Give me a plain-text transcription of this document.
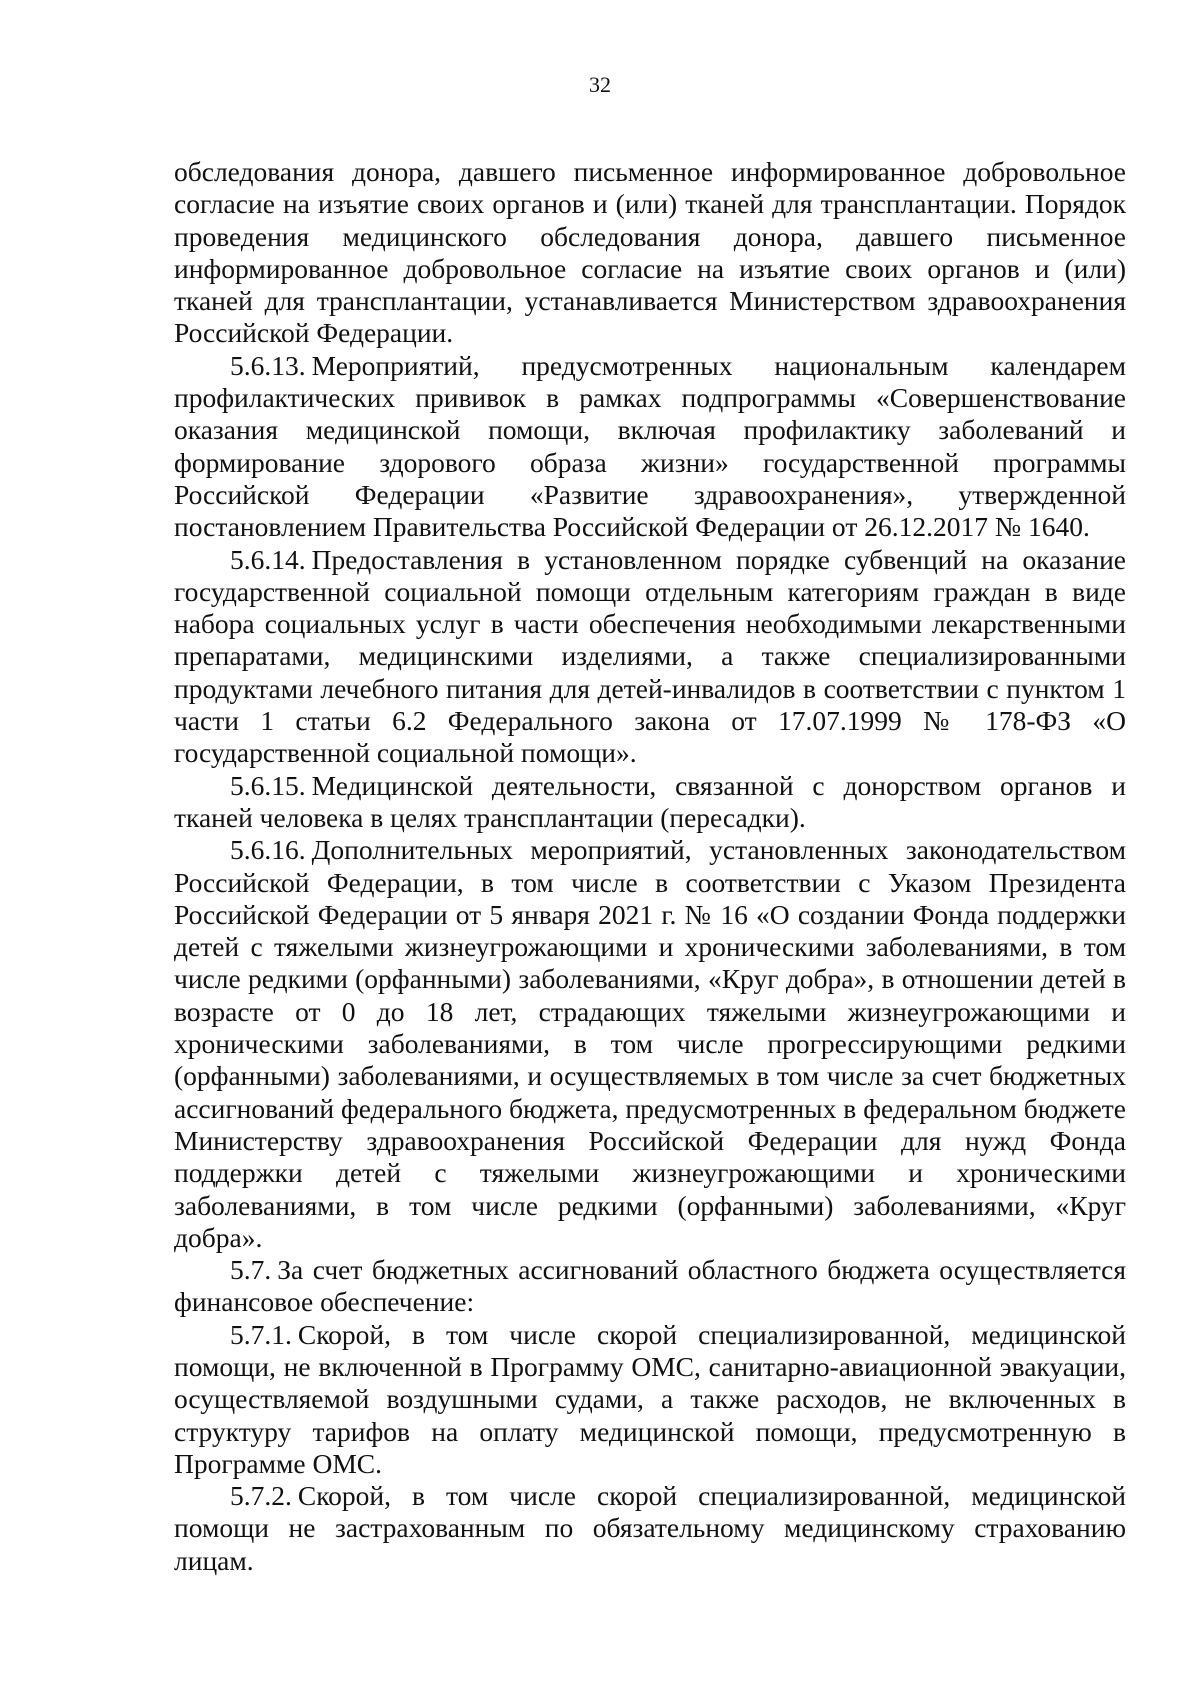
32

обследования донора, давшего письменное информированное добровольное согласие на изъятие своих органов и (или) тканей для трансплантации. Порядок проведения медицинского обследования донора, давшего письменное информированное добровольное согласие на изъятие своих органов и (или) тканей для трансплантации, устанавливается Министерством здравоохранения Российской Федерации.

5.6.13. Мероприятий, предусмотренных национальным календарем профилактических прививок в рамках подпрограммы «Совершенствование оказания медицинской помощи, включая профилактику заболеваний и формирование здорового образа жизни» государственной программы Российской Федерации «Развитие здравоохранения», утвержденной постановлением Правительства Российской Федерации от 26.12.2017 № 1640.

5.6.14. Предоставления в установленном порядке субвенций на оказание государственной социальной помощи отдельным категориям граждан в виде набора социальных услуг в части обеспечения необходимыми лекарственными препаратами, медицинскими изделиями, а также специализированными продуктами лечебного питания для детей-инвалидов в соответствии с пунктом 1 части 1 статьи 6.2 Федерального закона от 17.07.1999 № 178-ФЗ «О государственной социальной помощи».

5.6.15. Медицинской деятельности, связанной с донорством органов и тканей человека в целях трансплантации (пересадки).

5.6.16. Дополнительных мероприятий, установленных законодательством Российской Федерации, в том числе в соответствии с Указом Президента Российской Федерации от 5 января 2021 г. № 16 «О создании Фонда поддержки детей с тяжелыми жизнеугрожающими и хроническими заболеваниями, в том числе редкими (орфанными) заболеваниями, «Круг добра», в отношении детей в возрасте от 0 до 18 лет, страдающих тяжелыми жизнеугрожающими и хроническими заболеваниями, в том числе прогрессирующими редкими (орфанными) заболеваниями, и осуществляемых в том числе за счет бюджетных ассигнований федерального бюджета, предусмотренных в федеральном бюджете Министерству здравоохранения Российской Федерации для нужд Фонда поддержки детей с тяжелыми жизнеугрожающими и хроническими заболеваниями, в том числе редкими (орфанными) заболеваниями, «Круг добра».

5.7. За счет бюджетных ассигнований областного бюджета осуществляется финансовое обеспечение:

5.7.1. Скорой, в том числе скорой специализированной, медицинской помощи, не включенной в Программу ОМС, санитарно-авиационной эвакуации, осуществляемой воздушными судами, а также расходов, не включенных в структуру тарифов на оплату медицинской помощи, предусмотренную в Программе ОМС.

5.7.2. Скорой, в том числе скорой специализированной, медицинской помощи не застрахованным по обязательному медицинскому страхованию лицам.
